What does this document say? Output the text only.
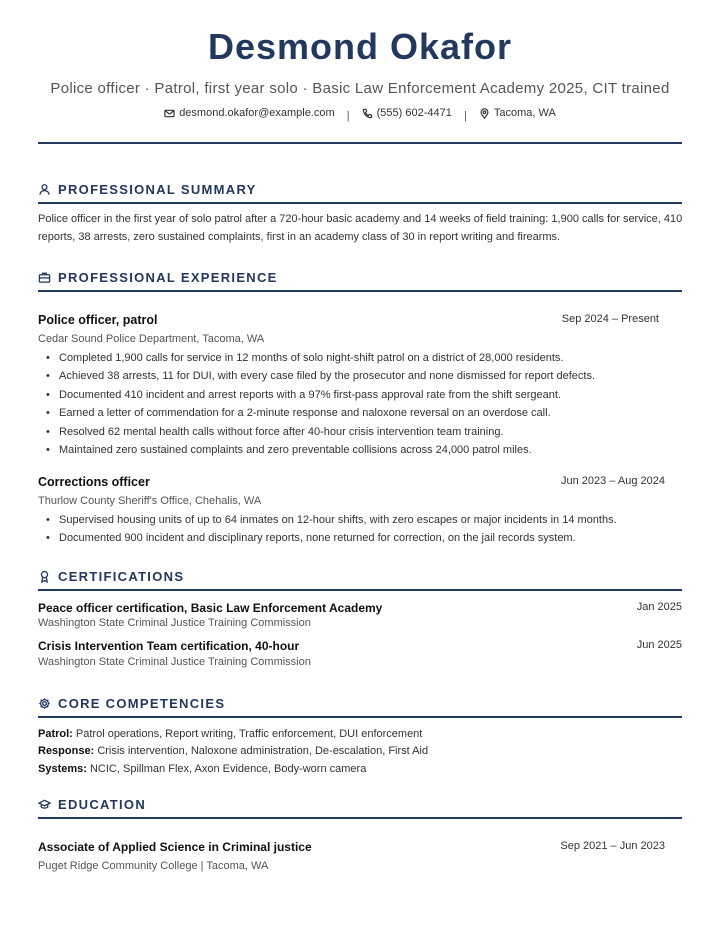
Desmond Okafor
Police officer · Patrol, first year solo · Basic Law Enforcement Academy 2025, CIT trained
desmond.okafor@example.com | (555) 602-4471 | Tacoma, WA
PROFESSIONAL SUMMARY
Police officer in the first year of solo patrol after a 720-hour basic academy and 14 weeks of field training: 1,900 calls for service, 410 reports, 38 arrests, zero sustained complaints, first in an academy class of 30 in report writing and firearms.
PROFESSIONAL EXPERIENCE
Police officer, patrol	Sep 2024 – Present
Cedar Sound Police Department, Tacoma, WA
• Completed 1,900 calls for service in 12 months of solo night-shift patrol on a district of 28,000 residents.
• Achieved 38 arrests, 11 for DUI, with every case filed by the prosecutor and none dismissed for report defects.
• Documented 410 incident and arrest reports with a 97% first-pass approval rate from the shift sergeant.
• Earned a letter of commendation for a 2-minute response and naloxone reversal on an overdose call.
• Resolved 62 mental health calls without force after 40-hour crisis intervention team training.
• Maintained zero sustained complaints and zero preventable collisions across 24,000 patrol miles.
Corrections officer	Jun 2023 – Aug 2024
Thurlow County Sheriff's Office, Chehalis, WA
• Supervised housing units of up to 64 inmates on 12-hour shifts, with zero escapes or major incidents in 14 months.
• Documented 900 incident and disciplinary reports, none returned for correction, on the jail records system.
CERTIFICATIONS
Peace officer certification, Basic Law Enforcement Academy	Jan 2025
Washington State Criminal Justice Training Commission
Crisis Intervention Team certification, 40-hour	Jun 2025
Washington State Criminal Justice Training Commission
CORE COMPETENCIES
Patrol: Patrol operations, Report writing, Traffic enforcement, DUI enforcement
Response: Crisis intervention, Naloxone administration, De-escalation, First Aid
Systems: NCIC, Spillman Flex, Axon Evidence, Body-worn camera
EDUCATION
Associate of Applied Science in Criminal justice	Sep 2021 – Jun 2023
Puget Ridge Community College | Tacoma, WA
